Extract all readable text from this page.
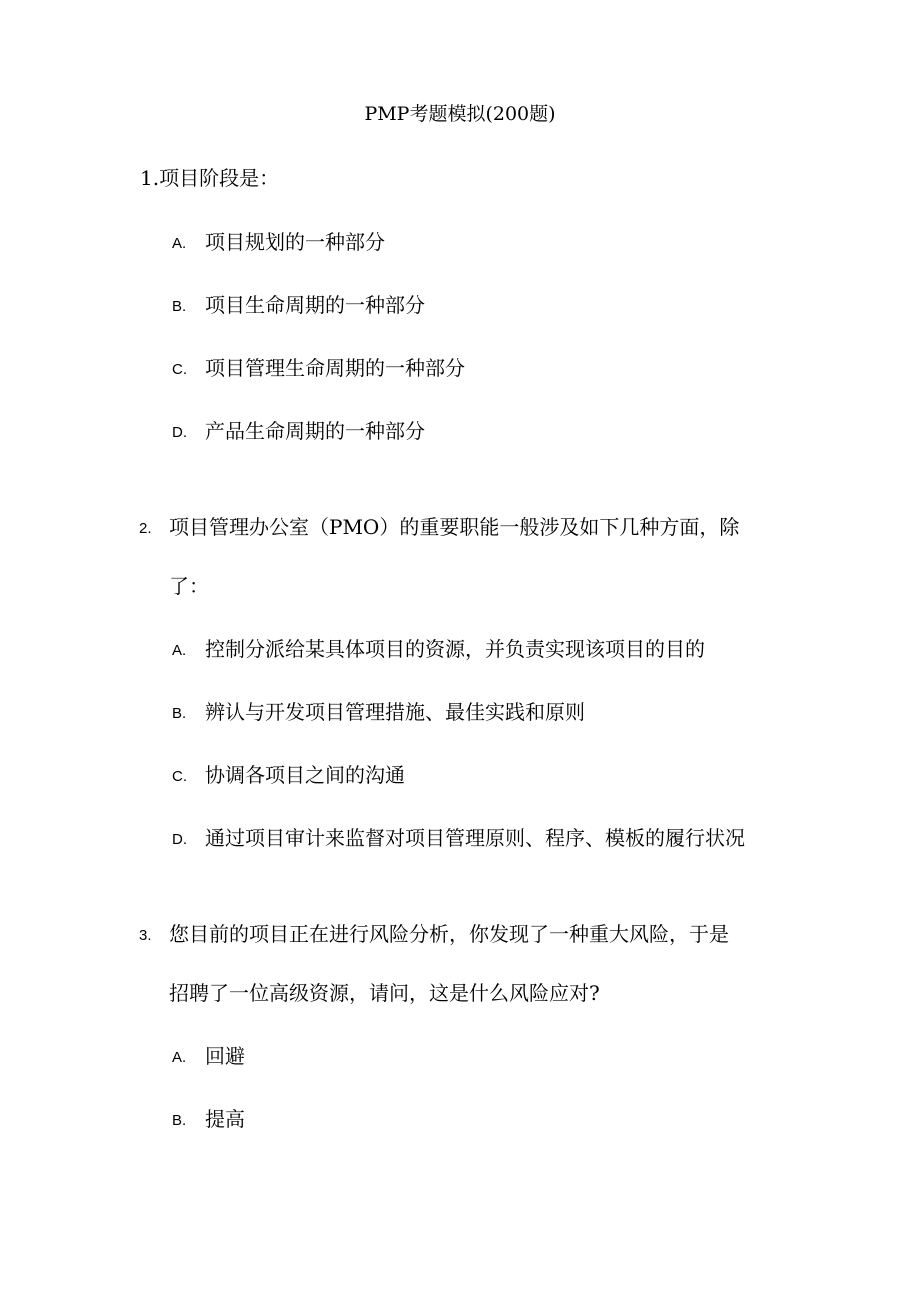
PMP考题模拟(200题)
1.项目阶段是：
A. 项目规划的一种部分
B. 项目生命周期的一种部分
C. 项目管理生命周期的一种部分
D. 产品生命周期的一种部分
2. 项目管理办公室（PMO）的重要职能一般涉及如下几种方面，除
了：
A. 控制分派给某具体项目的资源，并负责实现该项目的目的
B. 辨认与开发项目管理措施、最佳实践和原则
C. 协调各项目之间的沟通
D. 通过项目审计来监督对项目管理原则、程序、模板的履行状况
3. 您目前的项目正在进行风险分析，你发现了一种重大风险，于是
招聘了一位高级资源，请问，这是什么风险应对?
A. 回避
B. 提高
